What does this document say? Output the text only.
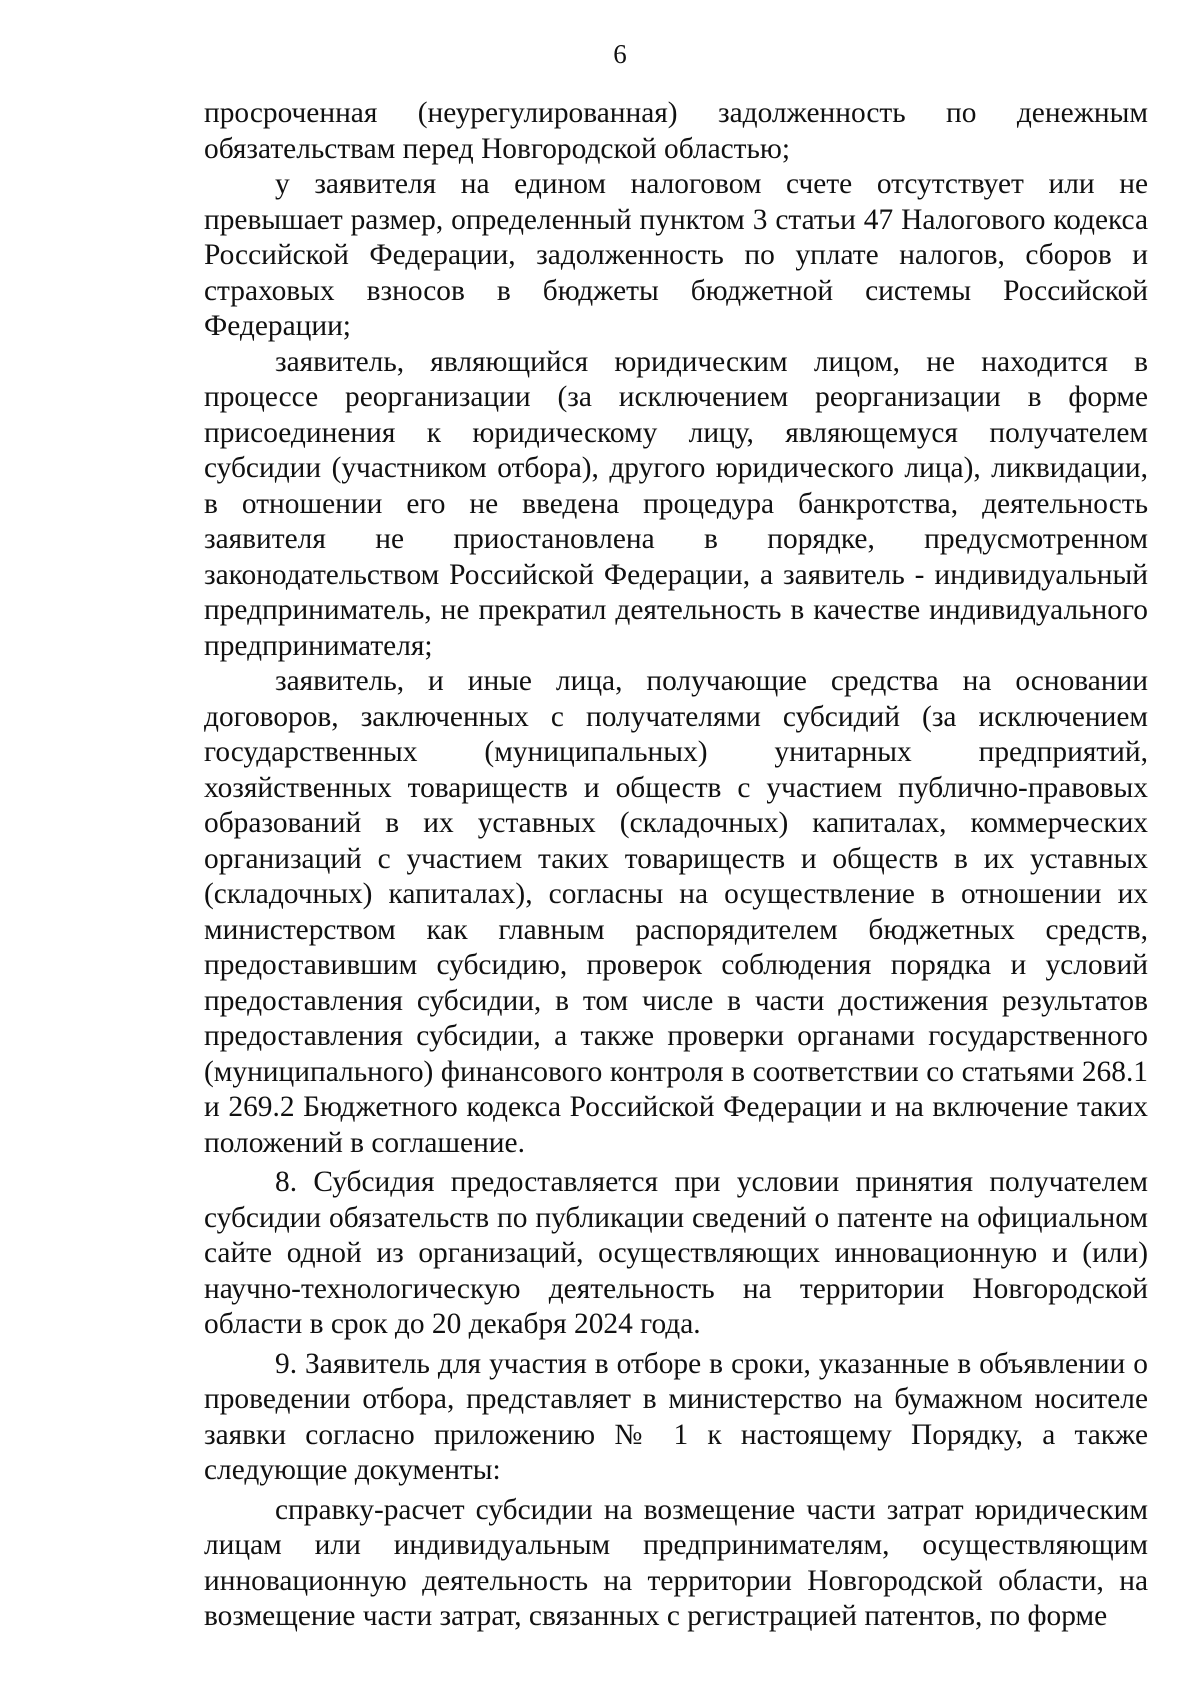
6

просроченная (неурегулированная) задолженность по денежным обязательствам перед Новгородской областью;

у заявителя на едином налоговом счете отсутствует или не превышает размер, определенный пунктом 3 статьи 47 Налогового кодекса Российской Федерации, задолженность по уплате налогов, сборов и страховых взносов в бюджеты бюджетной системы Российской Федерации;

заявитель, являющийся юридическим лицом, не находится в процессе реорганизации (за исключением реорганизации в форме присоединения к юридическому лицу, являющемуся получателем субсидии (участником отбора), другого юридического лица), ликвидации, в отношении его не введена процедура банкротства, деятельность заявителя не приостановлена в порядке, предусмотренном законодательством Российской Федерации, а заявитель - индивидуальный предприниматель, не прекратил деятельность в качестве индивидуального предпринимателя;

заявитель, и иные лица, получающие средства на основании договоров, заключенных с получателями субсидий (за исключением государственных (муниципальных) унитарных предприятий, хозяйственных товариществ и обществ с участием публично-правовых образований в их уставных (складочных) капиталах, коммерческих организаций с участием таких товариществ и обществ в их уставных (складочных) капиталах), согласны на осуществление в отношении их министерством как главным распорядителем бюджетных средств, предоставившим субсидию, проверок соблюдения порядка и условий предоставления субсидии, в том числе в части достижения результатов предоставления субсидии, а также проверки органами государственного (муниципального) финансового контроля в соответствии со статьями 268.1 и 269.2 Бюджетного кодекса Российской Федерации и на включение таких положений в соглашение.

8. Субсидия предоставляется при условии принятия получателем субсидии обязательств по публикации сведений о патенте на официальном сайте одной из организаций, осуществляющих инновационную и (или) научно-технологическую деятельность на территории Новгородской области в срок до 20 декабря 2024 года.

9. Заявитель для участия в отборе в сроки, указанные в объявлении о проведении отбора, представляет в министерство на бумажном носителе заявки согласно приложению № 1 к настоящему Порядку, а также следующие документы:

справку-расчет субсидии на возмещение части затрат юридическим лицам или индивидуальным предпринимателям, осуществляющим инновационную деятельность на территории Новгородской области, на возмещение части затрат, связанных с регистрацией патентов, по форме
